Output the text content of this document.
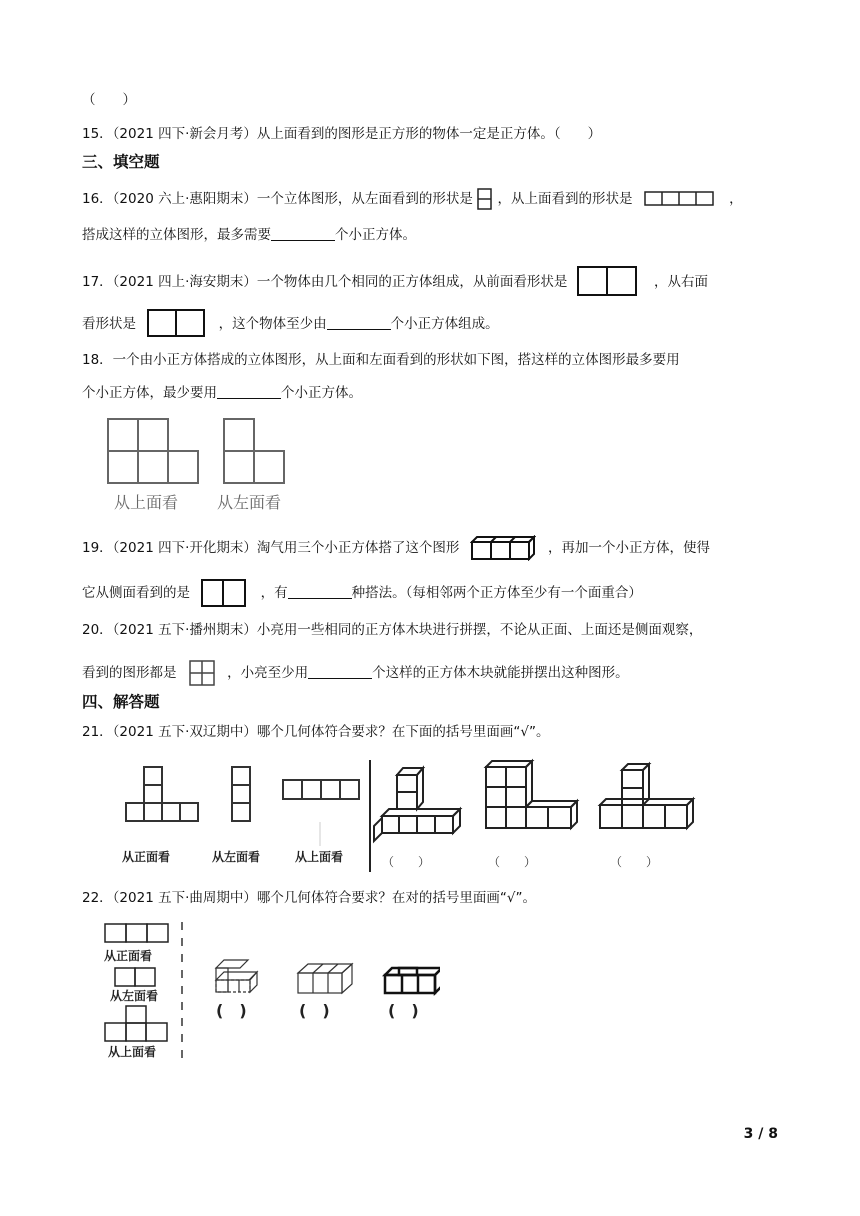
（　　）
15．（2021 四下·新会月考）从上面看到的图形是正方形的物体一定是正方体。（　　）
三、填空题
16．（2020 六上·惠阳期末）一个立体图形，从左面看到的形状是 ，从上面看到的形状是	，
搭成这样的立体图形，最多需要	个小正方体。
17．（2021 四上·海安期末）一个物体由几个相同的正方体组成，从前面看形状是	，从右面
看形状是	，这个物体至少由	个小正方体组成。
18．一个由小正方体搭成的立体图形，从上面和左面看到的形状如下图，搭这样的立体图形最多要用
个小正方体，最少要用	个小正方体。
从上面看 从左面看
19．（2021 四下·开化期末）淘气用三个小正方体搭了这个图形	，再加一个小正方体，使得
它从侧面看到的是	，有	种搭法。（每相邻两个正方体至少有一个面重合）
20．（2021 五下·播州期末）小亮用一些相同的正方体木块进行拼摆，不论从正面、上面还是侧面观察，
看到的图形都是	，小亮至少用	个这样的正方体木块就能拼摆出这种图形。
四、解答题
21．（2021 五下·双辽期中）哪个几何体符合要求？在下面的括号里面画“√”。
从正面看	从左面看	从上面看	（　　）	（　　）	（　　）
22．（2021 五下·曲周期中）哪个几何体符合要求？在对的括号里面画“√”。
从正面看
从左面看
从上面看
(　)	(　)	(　)
3 / 8
